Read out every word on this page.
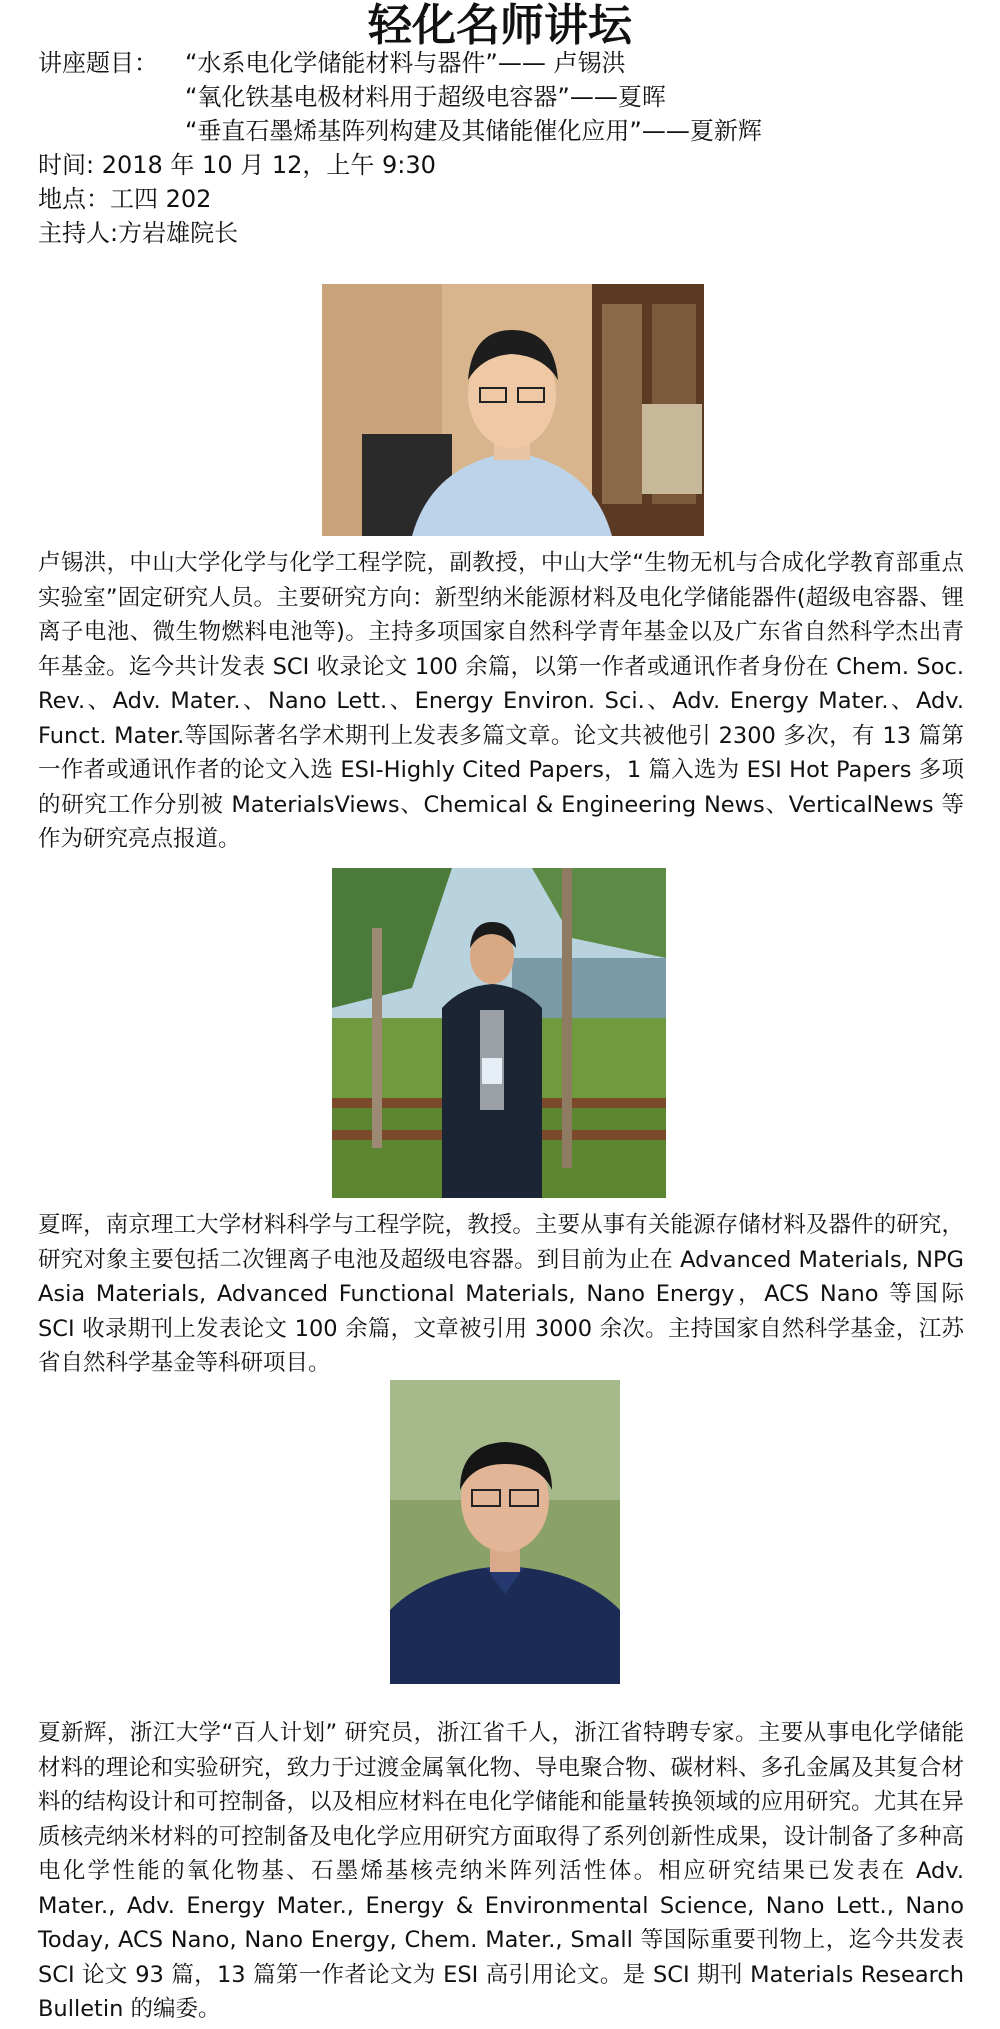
轻化名师讲坛
讲座题目： “水系电化学储能材料与器件”—— 卢锡洪
“氧化铁基电极材料用于超级电容器”——夏晖
“垂直石墨烯基阵列构建及其储能催化应用”——夏新辉
时间: 2018 年 10 月 12，上午 9:30
地点：工四 202
主持人:方岩雄院长
卢锡洪，中山大学化学与化学工程学院，副教授，中山大学“生物无机与合成化学教育部重点实验室”固定研究人员。主要研究方向：新型纳米能源材料及电化学储能器件(超级电容器、锂离子电池、微生物燃料电池等)。主持多项国家自然科学青年基金以及广东省自然科学杰出青年基金。迄今共计发表 SCI 收录论文 100 余篇，以第一作者或通讯作者身份在 Chem. Soc. Rev.、Adv. Mater.、Nano Lett.、Energy Environ. Sci.、Adv. Energy Mater.、Adv. Funct. Mater.等国际著名学术期刊上发表多篇文章。论文共被他引 2300 多次，有 13 篇第一作者或通讯作者的论文入选 ESI-Highly Cited Papers，1 篇入选为 ESI Hot Papers 多项的研究工作分别被 MaterialsViews、Chemical & Engineering News、VerticalNews 等作为研究亮点报道。
夏晖，南京理工大学材料科学与工程学院，教授。主要从事有关能源存储材料及器件的研究，研究对象主要包括二次锂离子电池及超级电容器。到目前为止在 Advanced Materials, NPG Asia Materials, Advanced Functional Materials, Nano Energy，ACS Nano 等国际 SCI 收录期刊上发表论文 100 余篇，文章被引用 3000 余次。主持国家自然科学基金，江苏省自然科学基金等科研项目。
夏新辉，浙江大学“百人计划” 研究员，浙江省千人，浙江省特聘专家。主要从事电化学储能材料的理论和实验研究，致力于过渡金属氧化物、导电聚合物、碳材料、多孔金属及其复合材料的结构设计和可控制备，以及相应材料在电化学储能和能量转换领域的应用研究。尤其在异质核壳纳米材料的可控制备及电化学应用研究方面取得了系列创新性成果，设计制备了多种高电化学性能的氧化物基、石墨烯基核壳纳米阵列活性体。相应研究结果已发表在 Adv. Mater., Adv. Energy Mater., Energy & Environmental Science, Nano Lett., Nano Today, ACS Nano, Nano Energy, Chem. Mater., Small 等国际重要刊物上，迄今共发表 SCI 论文 93 篇，13 篇第一作者论文为 ESI 高引用论文。是 SCI 期刊 Materials Research Bulletin 的编委。
